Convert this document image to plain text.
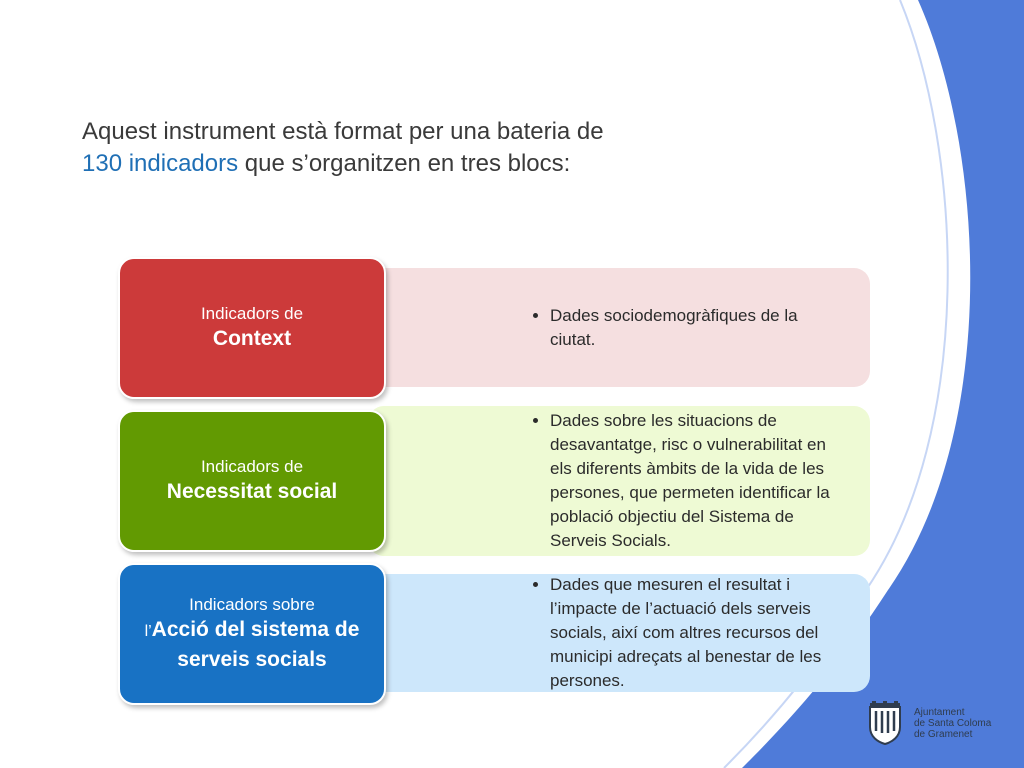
Aquest instrument està format per una bateria de
130 indicadors que s’organitzen en tres blocs:
• Dades sociodemogràfiques de la ciutat.
Indicadors de
Context
• Dades sobre les situacions de desavantatge, risc o vulnerabilitat en els diferents àmbits de la vida de les persones, que permeten identificar la població objectiu del Sistema de Serveis Socials.
Indicadors de
Necessitat social
• Dades que mesuren el resultat i l’impacte de l’actuació dels serveis socials, així com altres recursos del municipi adreçats al benestar de les persones.
Indicadors sobre
l’Acció del sistema de serveis socials
Ajuntament
de Santa Coloma
de Gramenet
